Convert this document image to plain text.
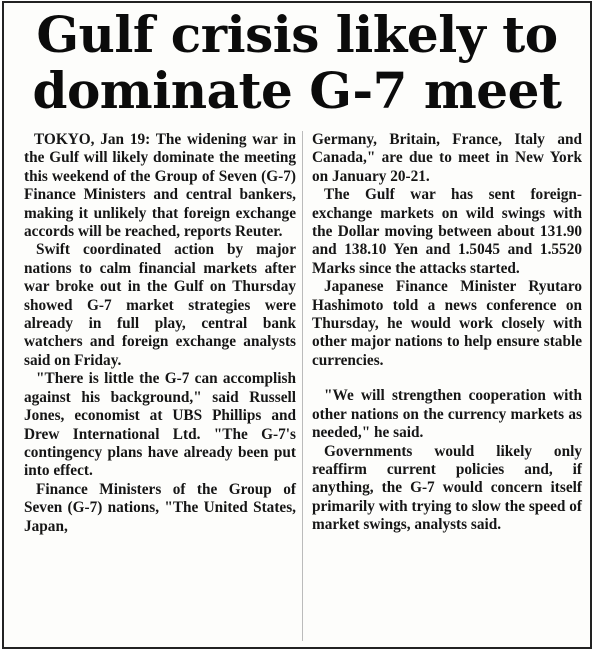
Gulf crisis likely to
dominate G-7 meet

TOKYO, Jan 19: The widening war in the Gulf will likely dominate the meeting this weekend of the Group of Seven (G-7) Finance Ministers and central bankers, making it unlikely that foreign exchange accords will be reached, reports Reuter.

Swift coordinated action by major nations to calm financial markets after war broke out in the Gulf on Thursday showed G-7 market strategies were already in full play, central bank watchers and foreign exchange analysts said on Friday.

"There is little the G-7 can accomplish against his background," said Russell Jones, economist at UBS Phillips and Drew International Ltd. "The G-7's contingency plans have already been put into effect.

Finance Ministers of the Group of Seven (G-7) nations, "The United States, Japan,

Germany, Britain, France, Italy and Canada," are due to meet in New York on January 20-21.

The Gulf war has sent foreign-exchange markets on wild swings with the Dollar moving between about 131.90 and 138.10 Yen and 1.5045 and 1.5520 Marks since the attacks started.

Japanese Finance Minister Ryutaro Hashimoto told a news conference on Thursday, he would work closely with other major nations to help ensure stable currencies.

"We will strengthen cooperation with other nations on the currency markets as needed," he said.

Governments would likely only reaffirm current policies and, if anything, the G-7 would concern itself primarily with trying to slow the speed of market swings, analysts said.
